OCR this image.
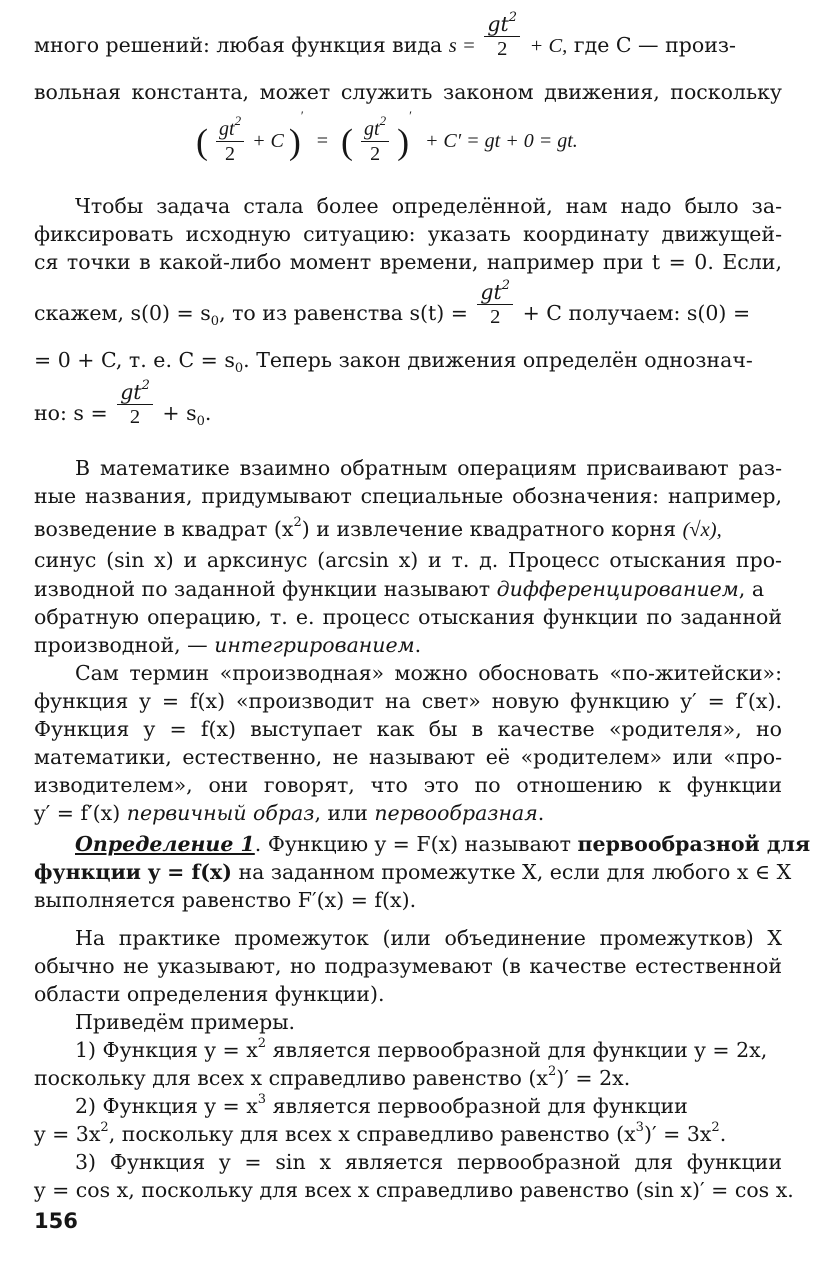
много решений: любая функция вида $s = \frac{gt^2}{2} + C$, где C — произ-
вольная константа, может служить законом движения, поскольку
( $\frac{gt^2}{2} + C$ )′ = ( $\frac{gt^2}{2} )' + C'$ = gt + 0 = gt.
Чтобы задача стала более определённой, нам надо было за-
фиксировать исходную ситуацию: указать координату движущей-
ся точки в какой-либо момент времени, например при t = 0. Если,
скажем, $s(0) = s_0$, то из равенства $s(t) = \frac{gt^2}{2} + C$ получаем: s(0) =
= 0 + C, т. е. $C = s_0$. Теперь закон движения определён однознач-
но: $s = \frac{gt^2}{2} + s_0$.
В математике взаимно обратным операциям присваивают раз-
ные названия, придумывают специальные обозначения: например,
возведение в квадрат $(x^2)$ и извлечение квадратного корня (√x),
синус (sin x) и арксинус (arcsin x) и т. д. Процесс отыскания про-
изводной по заданной функции называют дифференцированием, а
обратную операцию, т. е. процесс отыскания функции по заданной
производной, — интегрированием.
Сам термин «производная» можно обосновать «по-житейски»:
функция y = f(x) «производит на свет» новую функцию y′ = f′(x).
Функция y = f(x) выступает как бы в качестве «родителя», но
математики, естественно, не называют её «родителем» или «про-
изводителем», они говорят, что это по отношению к функции
y′ = f′(x) первичный образ, или первообразная.
Определение 1. Функцию y = F(x) называют первообразной для
функции y = f(x) на заданном промежутке X, если для любого x ∈ X
выполняется равенство F′(x) = f(x).
На практике промежуток (или объединение промежутков) X
обычно не указывают, но подразумевают (в качестве естественной
области определения функции).
Приведём примеры.
1) Функция $y = x^2$ является первообразной для функции y = 2x,
поскольку для всех x справедливо равенство $(x^2)' = 2x$.
2) Функция $y = x^3$ является первообразной для функции
$y = 3x^2$, поскольку для всех x справедливо равенство $(x^3)' = 3x^2$.
3) Функция y = sin x является первообразной для функции
y = cos x, поскольку для всех x справедливо равенство (sin x)′ = cos x.
156
